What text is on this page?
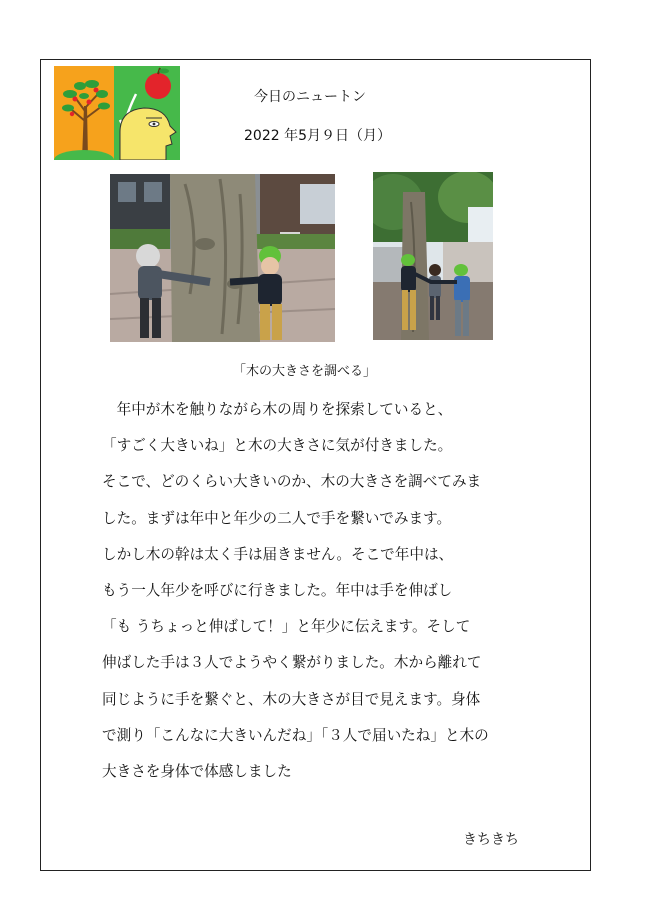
今日のニュートン
2022 年5月９日（月）
「木の大きさを調べる」
　年中が木を触りながら木の周りを探索していると、
「すごく大きいね」と木の大きさに気が付きました。
そこで、どのくらい大きいのか、木の大きさを調べてみま
した。まずは年中と年少の二人で手を繋いでみます。
しかし木の幹は太く手は届きません。そこで年中は、
もう一人年少を呼びに行きました。年中は手を伸ばし
「も うちょっと伸ばして！」と年少に伝えます。そして
伸ばした手は３人でようやく繋がりました。木から離れて
同じように手を繋ぐと、木の大きさが目で見えます。身体
で測り「こんなに大きいんだね」「３人で届いたね」と木の
大きさを身体で体感しました
きちきち
